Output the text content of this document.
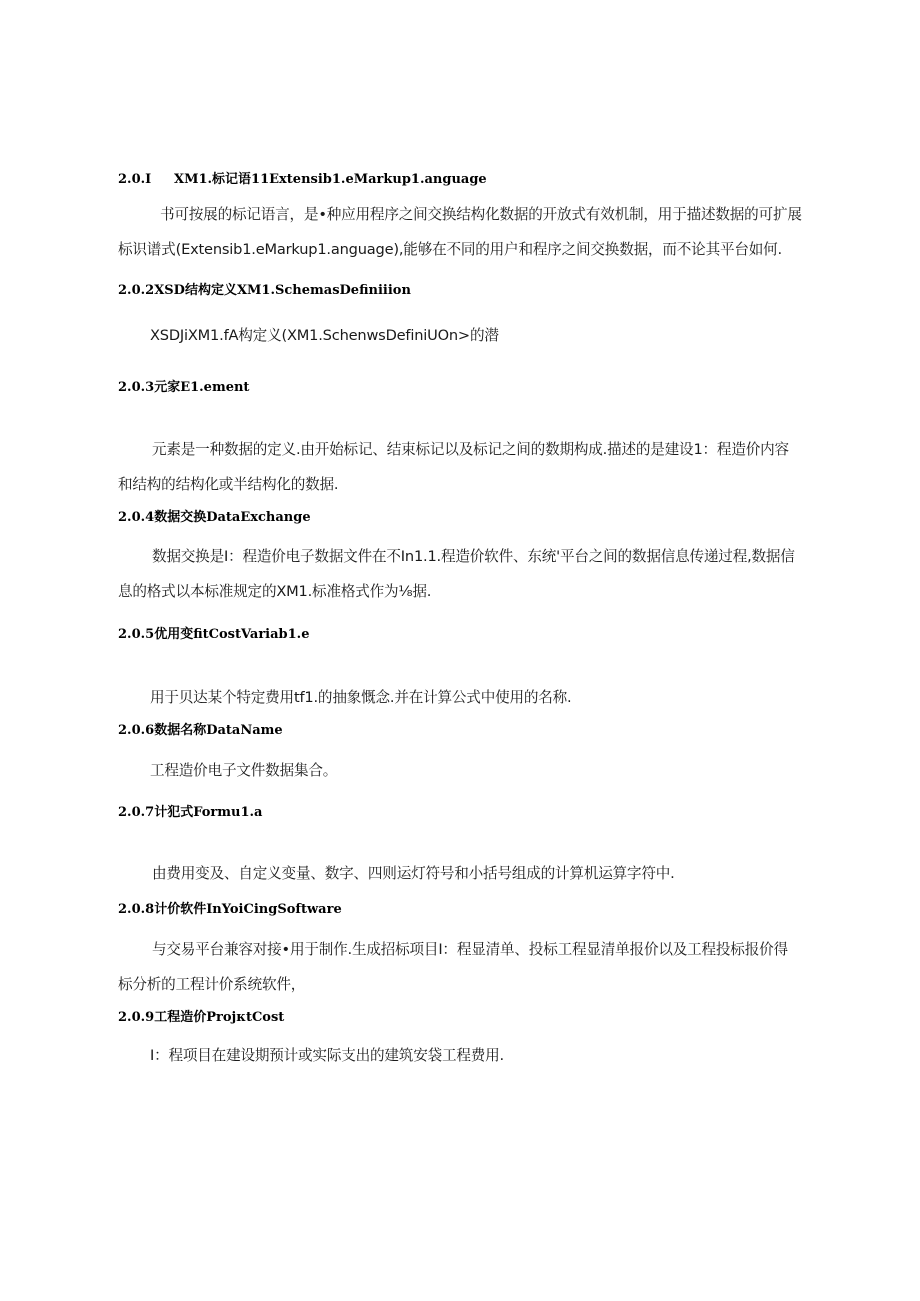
2.0.I XM1.标记语11Extensib1.eMarkup1.anguage
书可按展的标记语言，是•种应用程序之间交换结构化数据的开放式有效机制，用于描述数据的可扩展标识谱式(Extensib1.eMarkup1.anguage),能够在不同的用户和程序之间交换数据，而不论其平台如何.
2.0.2XSD结构定义XM1.SchemasDefiniiion
XSDJiXM1.fA构定义(XM1.SchenwsDefiniUOn>的潜
2.0.3元家E1.ement
元素是一种数据的定义.由开始标记、结束标记以及标记之间的数期构成.描述的是建设1：程造价内容和结构的结构化或半结构化的数据.
2.0.4数据交换DataExchange
数据交换是I：程造价电子数据文件在不In1.1.程造价软件、东统'平台之间的数据信息传递过程,数据信息的格式以本标准规定的XM1.标准格式作为⅛据.
2.0.5优用变fitCostVariab1.e
用于贝达某个特定费用tf1.的抽象慨念.并在计算公式中使用的名称.
2.0.6数据名称DataName
工程造价电子文件数据集合。
2.0.7计犯式Formu1.a
由费用变及、自定义变量、数字、四则运灯符号和小括号组成的计算机运算字符中.
2.0.8计价软件InYoiCingSoftware
与交易平台兼容对接•用于制作.生成招标项目I：程显清单、投标工程显清单报价以及工程投标报价得标分析的工程计价系统软件，
2.0.9工程造价ProjκtCost
I：程项目在建设期预计或实际支出的建筑安袋工程费用.
